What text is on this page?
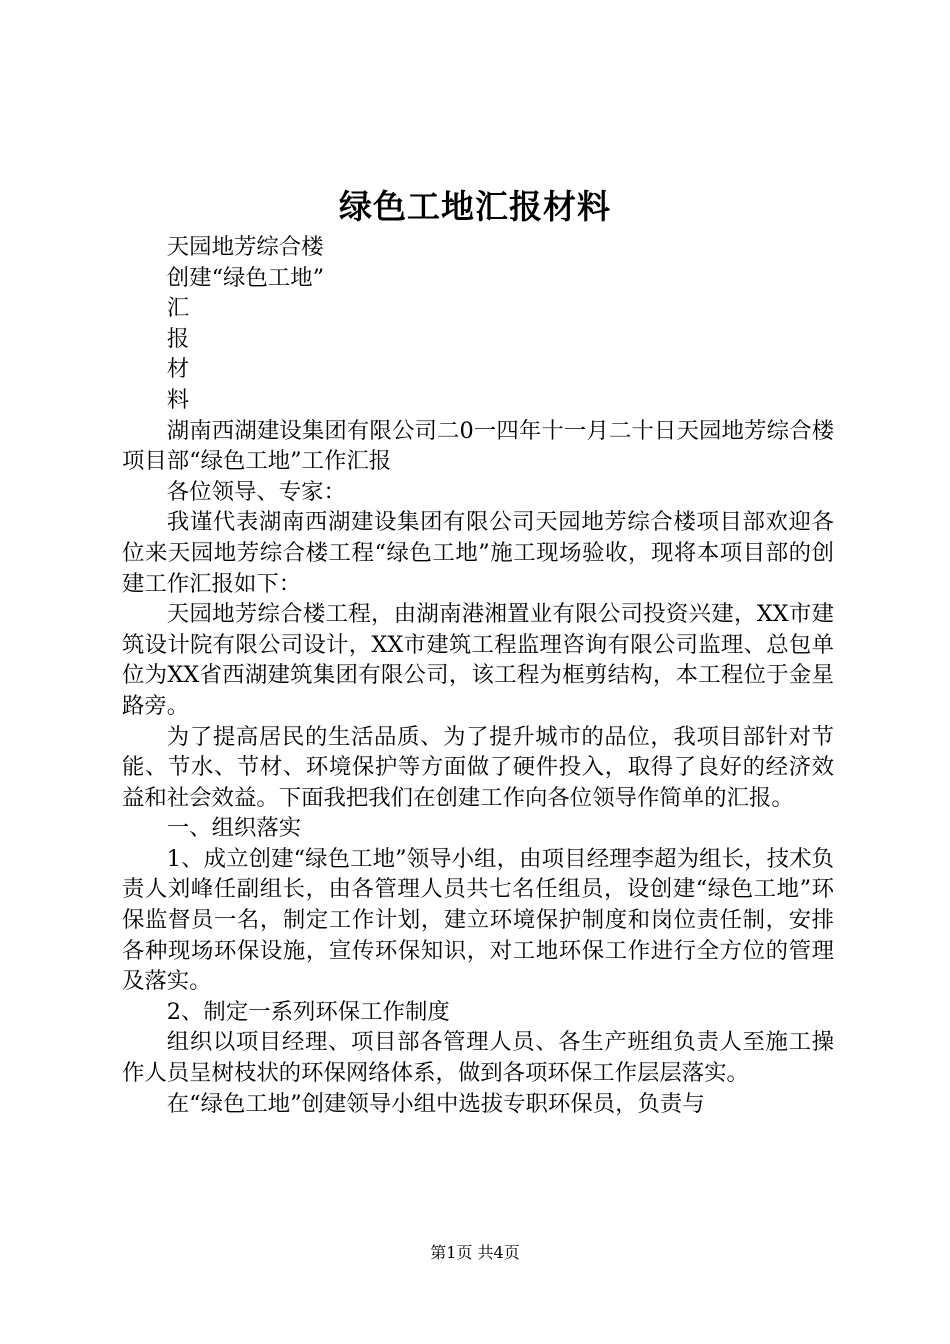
绿色工地汇报材料

天园地芳综合楼

创建“绿色工地”

汇

报

材

料

湖南西湖建设集团有限公司二0一四年十一月二十日天园地芳综合楼项目部“绿色工地”工作汇报

各位领导、专家：

我谨代表湖南西湖建设集团有限公司天园地芳综合楼项目部欢迎各位来天园地芳综合楼工程“绿色工地”施工现场验收，现将本项目部的创建工作汇报如下：

天园地芳综合楼工程，由湖南港湘置业有限公司投资兴建，XX市建筑设计院有限公司设计，XX市建筑工程监理咨询有限公司监理、总包单位为XX省西湖建筑集团有限公司，该工程为框剪结构，本工程位于金星路旁。

为了提高居民的生活品质、为了提升城市的品位，我项目部针对节能、节水、节材、环境保护等方面做了硬件投入，取得了良好的经济效益和社会效益。下面我把我们在创建工作向各位领导作简单的汇报。

一、组织落实

1、成立创建“绿色工地”领导小组，由项目经理李超为组长，技术负责人刘峰任副组长，由各管理人员共七名任组员，设创建“绿色工地”环保监督员一名，制定工作计划，建立环境保护制度和岗位责任制，安排各种现场环保设施，宣传环保知识，对工地环保工作进行全方位的管理及落实。

2、制定一系列环保工作制度

组织以项目经理、项目部各管理人员、各生产班组负责人至施工操作人员呈树枝状的环保网络体系，做到各项环保工作层层落实。

在“绿色工地”创建领导小组中选拔专职环保员，负责与

第1页 共4页
